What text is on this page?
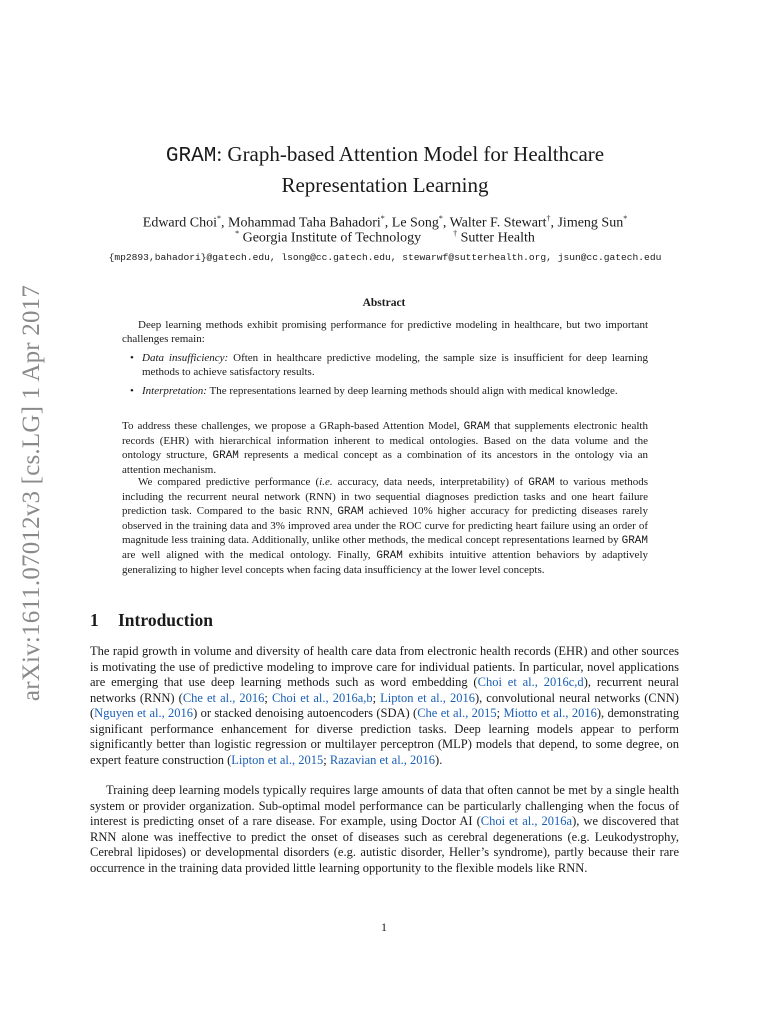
arXiv:1611.07012v3 [cs.LG] 1 Apr 2017
GRAM: Graph-based Attention Model for Healthcare
Representation Learning
Edward Choi*, Mohammad Taha Bahadori*, Le Song*, Walter F. Stewart†, Jimeng Sun*
* Georgia Institute of Technology	† Sutter Health
{mp2893,bahadori}@gatech.edu, lsong@cc.gatech.edu, stewarwf@sutterhealth.org, jsun@cc.gatech.edu
Abstract
Deep learning methods exhibit promising performance for predictive modeling in healthcare, but two important challenges remain:
• Data insufficiency: Often in healthcare predictive modeling, the sample size is insufficient for deep learning methods to achieve satisfactory results.
• Interpretation: The representations learned by deep learning methods should align with medical knowledge.

To address these challenges, we propose a GRaph-based Attention Model, GRAM that supplements electronic health records (EHR) with hierarchical information inherent to medical ontologies. Based on the data volume and the ontology structure, GRAM represents a medical concept as a combination of its ancestors in the ontology via an attention mechanism.

We compared predictive performance (i.e. accuracy, data needs, interpretability) of GRAM to various methods including the recurrent neural network (RNN) in two sequential diagnoses prediction tasks and one heart failure prediction task. Compared to the basic RNN, GRAM achieved 10% higher accuracy for predicting diseases rarely observed in the training data and 3% improved area under the ROC curve for predicting heart failure using an order of magnitude less training data. Additionally, unlike other methods, the medical concept representations learned by GRAM are well aligned with the medical ontology. Finally, GRAM exhibits intuitive attention behaviors by adaptively generalizing to higher level concepts when facing data insufficiency at the lower level concepts.

1 Introduction

The rapid growth in volume and diversity of health care data from electronic health records (EHR) and other sources is motivating the use of predictive modeling to improve care for individual patients. In particular, novel applications are emerging that use deep learning methods such as word embedding (Choi et al., 2016c,d), recurrent neural networks (RNN) (Che et al., 2016; Choi et al., 2016a,b; Lipton et al., 2016), convolutional neural networks (CNN) (Nguyen et al., 2016) or stacked denoising autoencoders (SDA) (Che et al., 2015; Miotto et al., 2016), demonstrating significant performance enhancement for diverse prediction tasks. Deep learning models appear to perform significantly better than logistic regression or multilayer perceptron (MLP) models that depend, to some degree, on expert feature construction (Lipton et al., 2015; Razavian et al., 2016).

Training deep learning models typically requires large amounts of data that often cannot be met by a single health system or provider organization. Sub-optimal model performance can be particularly challenging when the focus of interest is predicting onset of a rare disease. For example, using Doctor AI (Choi et al., 2016a), we discovered that RNN alone was ineffective to predict the onset of diseases such as cerebral degenerations (e.g. Leukodystrophy, Cerebral lipidoses) or developmental disorders (e.g. autistic disorder, Heller’s syndrome), partly because their rare occurrence in the training data provided little learning opportunity to the flexible models like RNN.

1
